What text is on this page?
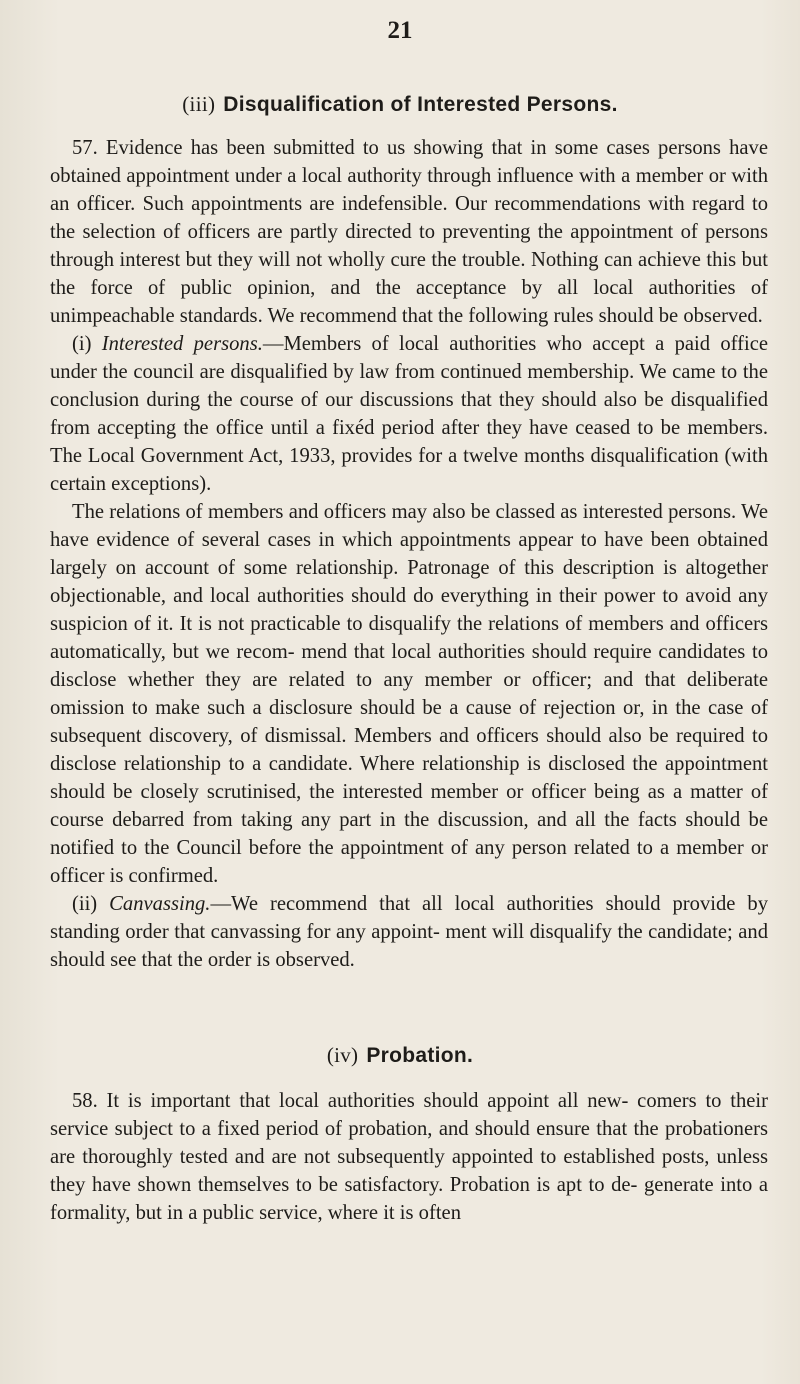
21
(iii) Disqualification of Interested Persons.

57. Evidence has been submitted to us showing that in some cases persons have obtained appointment under a local authority through influence with a member or with an officer. Such appointments are indefensible. Our recommendations with regard to the selection of officers are partly directed to preventing the appointment of persons through interest but they will not wholly cure the trouble. Nothing can achieve this but the force of public opinion, and the acceptance by all local authorities of unimpeachable standards. We recommend that the following rules should be observed.

(i) Interested persons.—Members of local authorities who accept a paid office under the council are disqualified by law from continued membership. We came to the conclusion during the course of our discussions that they should also be disqualified from accepting the office until a fixéd period after they have ceased to be members. The Local Government Act, 1933, provides for a twelve months disqualification (with certain exceptions).

The relations of members and officers may also be classed as interested persons. We have evidence of several cases in which appointments appear to have been obtained largely on account of some relationship. Patronage of this description is altogether objectionable, and local authorities should do everything in their power to avoid any suspicion of it. It is not practicable to disqualify the relations of members and officers automatically, but we recom- mend that local authorities should require candidates to disclose whether they are related to any member or officer; and that deliberate omission to make such a disclosure should be a cause of rejection or, in the case of subsequent discovery, of dismissal. Members and officers should also be required to disclose relationship to a candidate. Where relationship is disclosed the appointment should be closely scrutinised, the interested member or officer being as a matter of course debarred from taking any part in the discussion, and all the facts should be notified to the Council before the appointment of any person related to a member or officer is confirmed.

(ii) Canvassing.—We recommend that all local authorities should provide by standing order that canvassing for any appoint- ment will disqualify the candidate; and should see that the order is observed.

(iv) Probation.

58. It is important that local authorities should appoint all new- comers to their service subject to a fixed period of probation, and should ensure that the probationers are thoroughly tested and are not subsequently appointed to established posts, unless they have shown themselves to be satisfactory. Probation is apt to de- generate into a formality, but in a public service, where it is often
